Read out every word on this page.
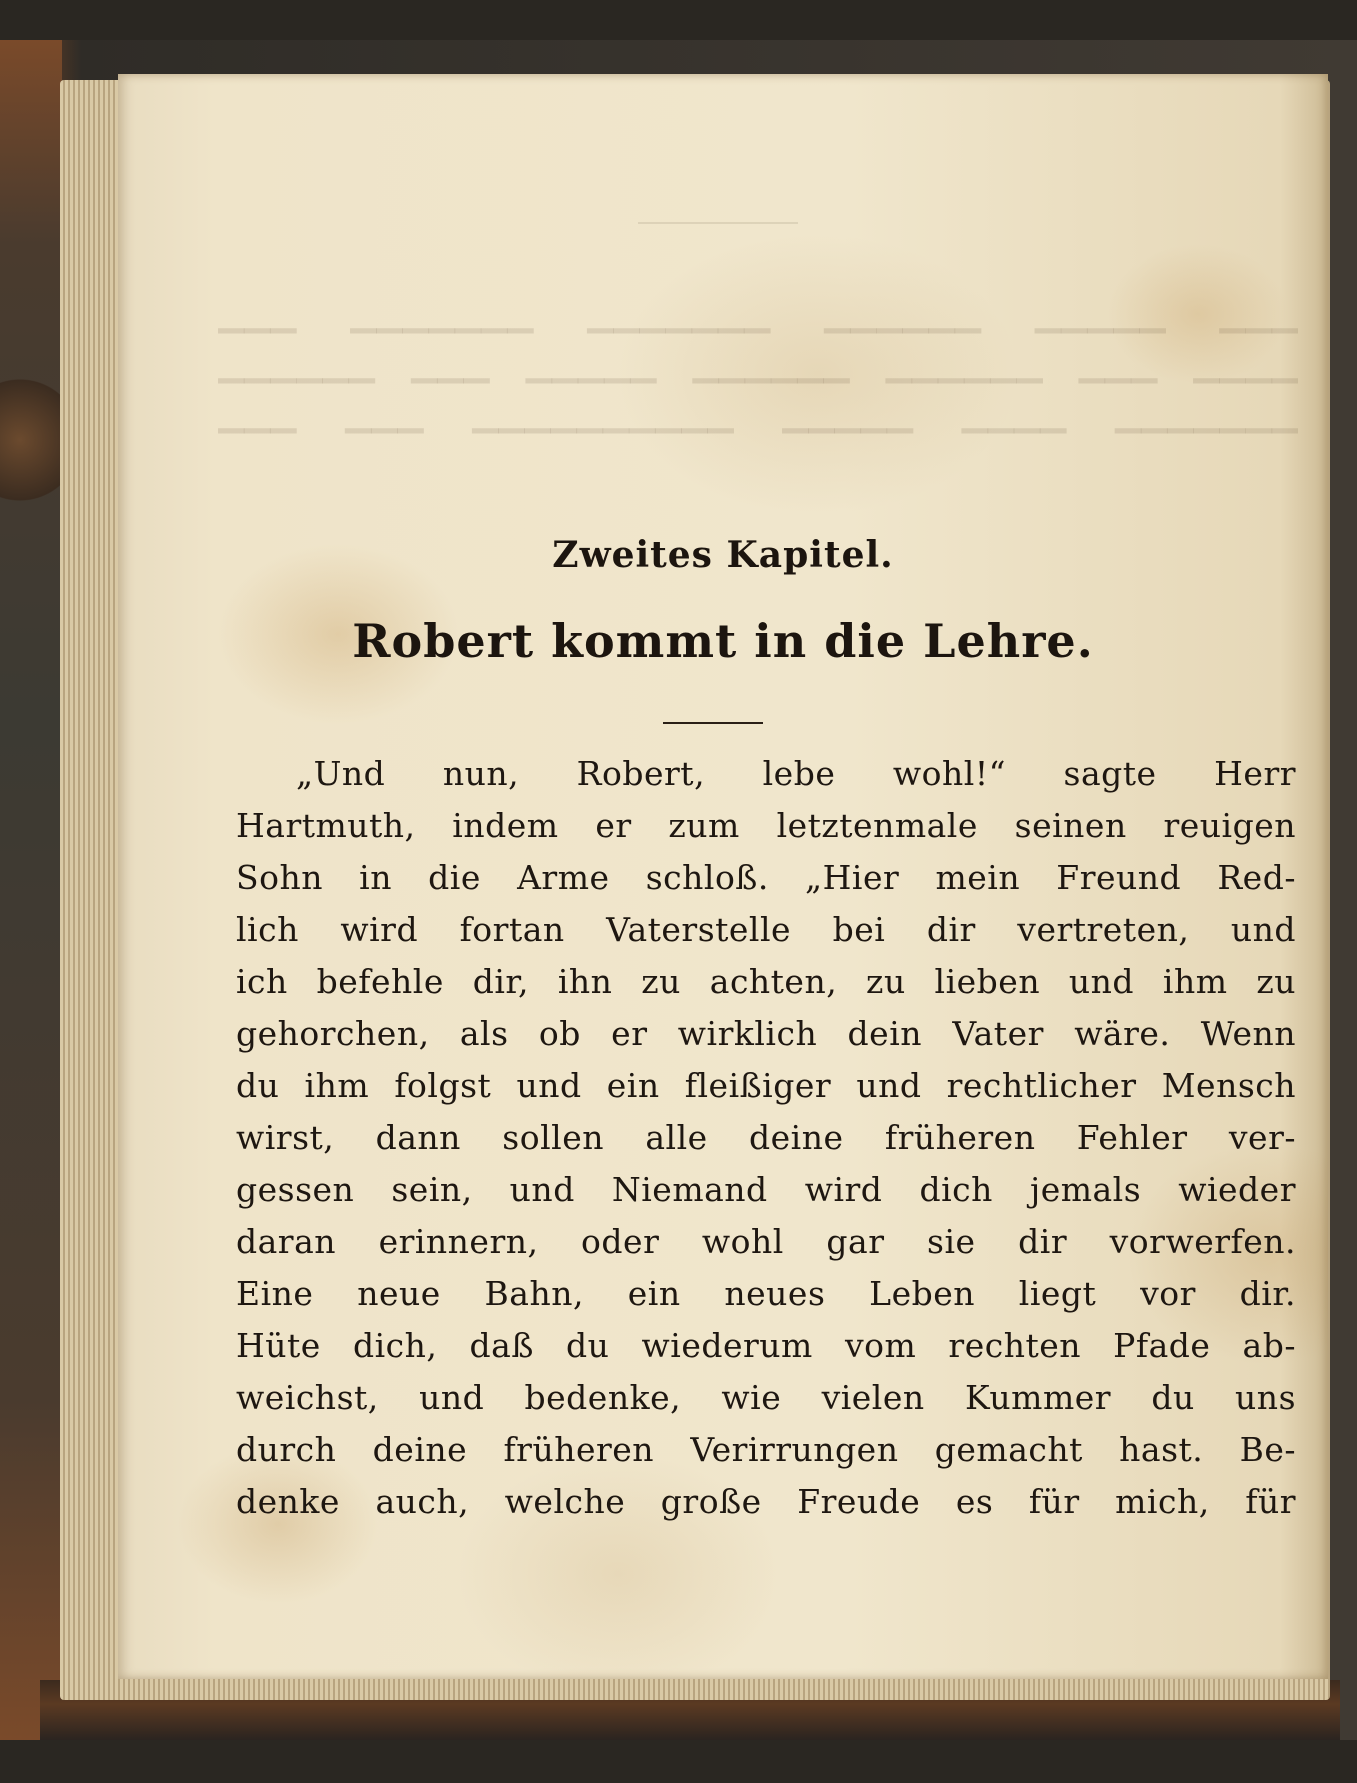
▁▁▁ ▁▁▁▁▁▁▁ ▁▁▁▁▁▁▁ ▁▁▁▁▁▁ ▁▁▁▁▁ ▁▁▁
▁▁▁▁▁▁ ▁▁▁ ▁▁▁▁▁ ▁▁▁▁▁▁ ▁▁▁▁▁▁ ▁▁▁ ▁▁▁▁
▁▁▁ ▁▁▁ ▁▁▁▁▁▁▁▁▁▁ ▁▁▁▁▁ ▁▁▁▁ ▁▁▁▁▁▁▁
Zweites Kapitel.
Robert kommt in die Lehre.
„Und nun, Robert, lebe wohl!“ sagte Herr
Hartmuth, indem er zum letztenmale seinen reuigen
Sohn in die Arme schloß. „Hier mein Freund Red-
lich wird fortan Vaterstelle bei dir vertreten, und
ich befehle dir, ihn zu achten, zu lieben und ihm zu
gehorchen, als ob er wirklich dein Vater wäre. Wenn
du ihm folgst und ein fleißiger und rechtlicher Mensch
wirst, dann sollen alle deine früheren Fehler ver-
gessen sein, und Niemand wird dich jemals wieder
daran erinnern, oder wohl gar sie dir vorwerfen.
Eine neue Bahn, ein neues Leben liegt vor dir.
Hüte dich, daß du wiederum vom rechten Pfade ab-
weichst, und bedenke, wie vielen Kummer du uns
durch deine früheren Verirrungen gemacht hast. Be-
denke auch, welche große Freude es für mich, für
